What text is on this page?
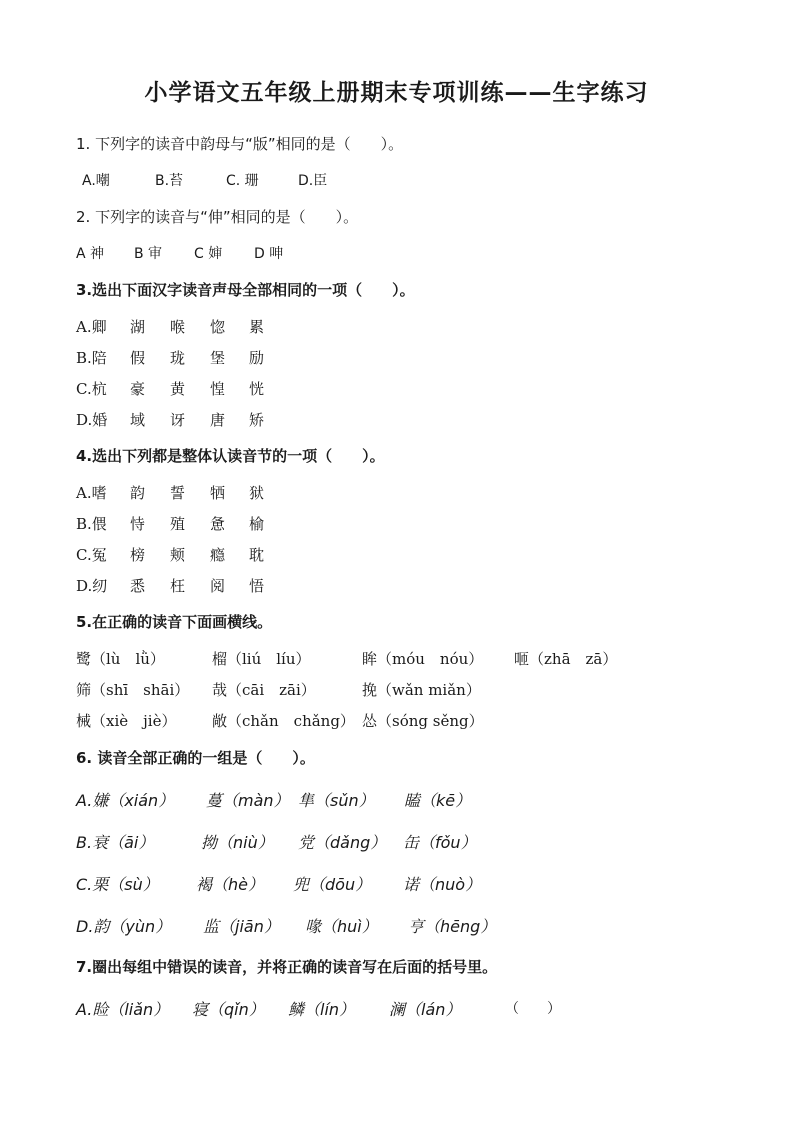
小学语文五年级上册期末专项训练——生字练习
1. 下列字的读音中韵母与“版”相同的是（　　）。
A.嘲	B.苔	C. 珊	D.臣
2. 下列字的读音与“伸”相同的是（　　）。
A 神 B 审 C 婶 D 呻
3.选出下面汉字读音声母全部相同的一项（　　）。
A.卿 湖 喉 惚 累
B.陪 假 珑 堡 励
C.杭 豪 黄 惶 恍
D.婚 域 讶 唐 矫
4.选出下列都是整体认读音节的一项（　　）。
A.嗜 韵 誓 牺 狱
B.偎 恃 殖 惫 榆
C.冤 榜 颊 瘾 耽
D.纫 悉 枉 阅 悟
5.在正确的读音下面画横线。
鹭（lù　lǜ）	榴（liú　líu）	眸（móu　nóu） 咂（zhā　zā）
筛（shī　shāi） 哉（cāi　zāi）	挽（wǎn miǎn）
械（xiè　jiè） 敞（chǎn　chǎng） 怂（sóng sěng）
6. 读音全部正确的一组是（　　）。
A.嫌（xián） 蔓（màn） 隼（sǔn） 瞌（kē）
B.衰（āi）	拗（niù） 党（dǎng） 缶（fǒu）
C.栗（sù） 褐（hè） 兜（dōu） 诺（nuò）
D.韵（yùn） 监（jiān） 喙（huì） 亨（hēng）
7.圈出每组中错误的读音，并将正确的读音写在后面的括号里。
A.睑（liǎn） 寝（qǐn） 鳞（lín） 澜（lán）	（　　）
